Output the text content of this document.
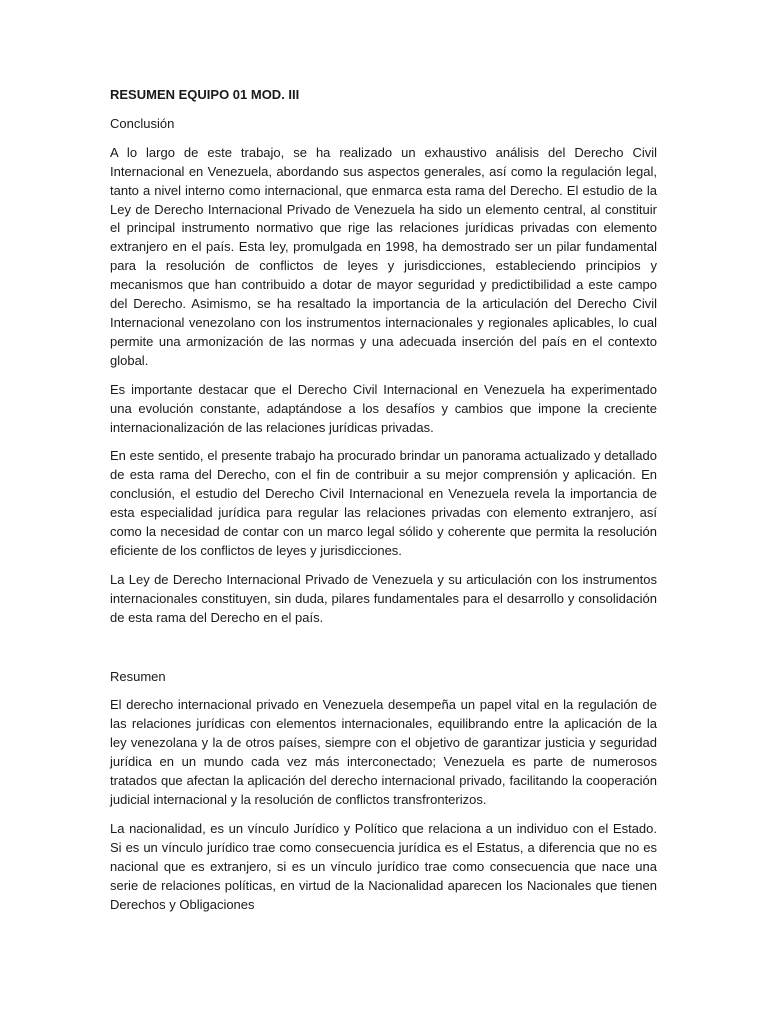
RESUMEN EQUIPO 01 MOD. III
Conclusión

A lo largo de este trabajo, se ha realizado un exhaustivo análisis del Derecho Civil Internacional en Venezuela, abordando sus aspectos generales, así como la regulación legal, tanto a nivel interno como internacional, que enmarca esta rama del Derecho. El estudio de la Ley de Derecho Internacional Privado de Venezuela ha sido un elemento central, al constituir el principal instrumento normativo que rige las relaciones jurídicas privadas con elemento extranjero en el país. Esta ley, promulgada en 1998, ha demostrado ser un pilar fundamental para la resolución de conflictos de leyes y jurisdicciones, estableciendo principios y mecanismos que han contribuido a dotar de mayor seguridad y predictibilidad a este campo del Derecho. Asimismo, se ha resaltado la importancia de la articulación del Derecho Civil Internacional venezolano con los instrumentos internacionales y regionales aplicables, lo cual permite una armonización de las normas y una adecuada inserción del país en el contexto global.

Es importante destacar que el Derecho Civil Internacional en Venezuela ha experimentado una evolución constante, adaptándose a los desafíos y cambios que impone la creciente internacionalización de las relaciones jurídicas privadas.

En este sentido, el presente trabajo ha procurado brindar un panorama actualizado y detallado de esta rama del Derecho, con el fin de contribuir a su mejor comprensión y aplicación. En conclusión, el estudio del Derecho Civil Internacional en Venezuela revela la importancia de esta especialidad jurídica para regular las relaciones privadas con elemento extranjero, así como la necesidad de contar con un marco legal sólido y coherente que permita la resolución eficiente de los conflictos de leyes y jurisdicciones.

La Ley de Derecho Internacional Privado de Venezuela y su articulación con los instrumentos internacionales constituyen, sin duda, pilares fundamentales para el desarrollo y consolidación de esta rama del Derecho en el país.

Resumen

El derecho internacional privado en Venezuela desempeña un papel vital en la regulación de las relaciones jurídicas con elementos internacionales, equilibrando entre la aplicación de la ley venezolana y la de otros países, siempre con el objetivo de garantizar justicia y seguridad jurídica en un mundo cada vez más interconectado; Venezuela es parte de numerosos tratados que afectan la aplicación del derecho internacional privado, facilitando la cooperación judicial internacional y la resolución de conflictos transfronterizos.

La nacionalidad, es un vínculo Jurídico y Político que relaciona a un individuo con el Estado. Si es un vínculo jurídico trae como consecuencia jurídica es el Estatus, a diferencia que no es nacional que es extranjero, si es un vínculo jurídico trae como consecuencia que nace una serie de relaciones políticas, en virtud de la Nacionalidad aparecen los Nacionales que tienen Derechos y Obligaciones
